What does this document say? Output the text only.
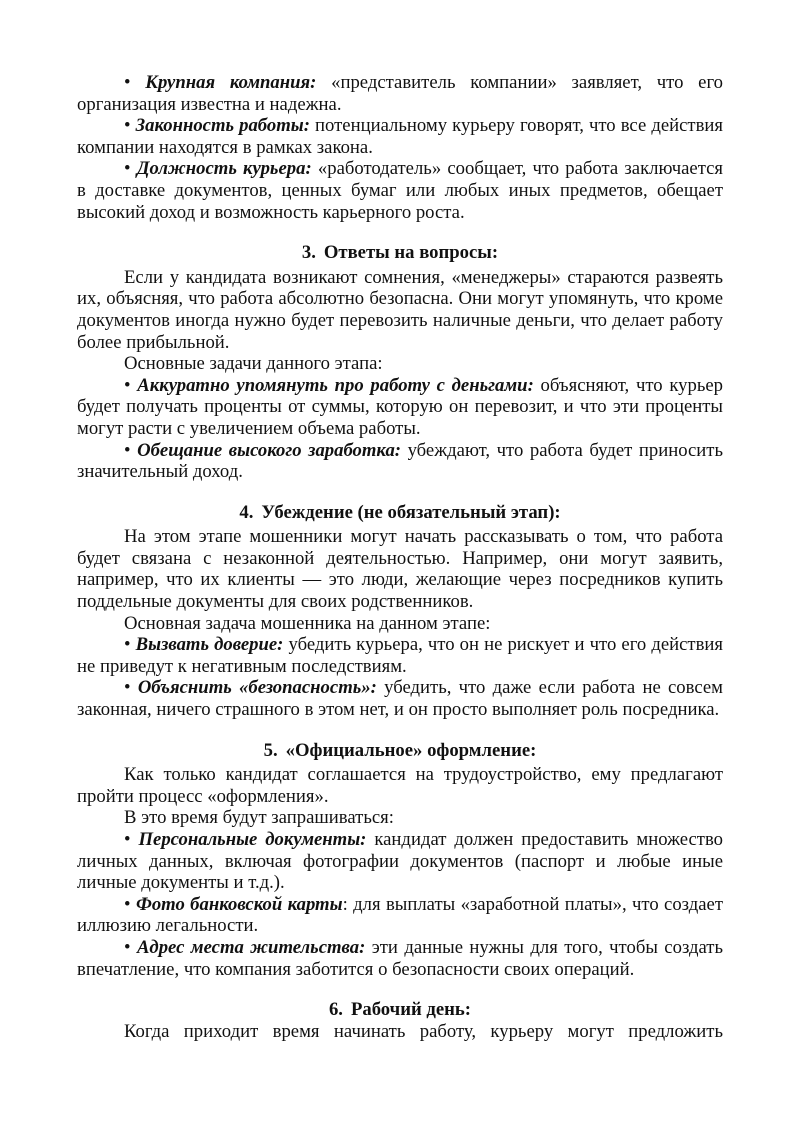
• Крупная компания: «представитель компании» заявляет, что его организация известна и надежна.

• Законность работы: потенциальному курьеру говорят, что все действия компании находятся в рамках закона.

• Должность курьера: «работодатель» сообщает, что работа заключается в доставке документов, ценных бумаг или любых иных предметов, обещает высокий доход и возможность карьерного роста.

3. Ответы на вопросы:

Если у кандидата возникают сомнения, «менеджеры» стараются развеять их, объясняя, что работа абсолютно безопасна. Они могут упомянуть, что кроме документов иногда нужно будет перевозить наличные деньги, что делает работу более прибыльной.

Основные задачи данного этапа:

• Аккуратно упомянуть про работу с деньгами: объясняют, что курьер будет получать проценты от суммы, которую он перевозит, и что эти проценты могут расти с увеличением объема работы.

• Обещание высокого заработка: убеждают, что работа будет приносить значительный доход.

4. Убеждение (не обязательный этап):

На этом этапе мошенники могут начать рассказывать о том, что работа будет связана с незаконной деятельностью. Например, они могут заявить, например, что их клиенты — это люди, желающие через посредников купить поддельные документы для своих родственников.

Основная задача мошенника на данном этапе:

• Вызвать доверие: убедить курьера, что он не рискует и что его действия не приведут к негативным последствиям.

• Объяснить «безопасность»: убедить, что даже если работа не совсем законная, ничего страшного в этом нет, и он просто выполняет роль посредника.

5. «Официальное» оформление:

Как только кандидат соглашается на трудоустройство, ему предлагают пройти процесс «оформления».

В это время будут запрашиваться:

• Персональные документы: кандидат должен предоставить множество личных данных, включая фотографии документов (паспорт и любые иные личные документы и т.д.).

• Фото банковской карты: для выплаты «заработной платы», что создает иллюзию легальности.

• Адрес места жительства: эти данные нужны для того, чтобы создать впечатление, что компания заботится о безопасности своих операций.

6. Рабочий день:

Когда приходит время начинать работу, курьеру могут предложить
